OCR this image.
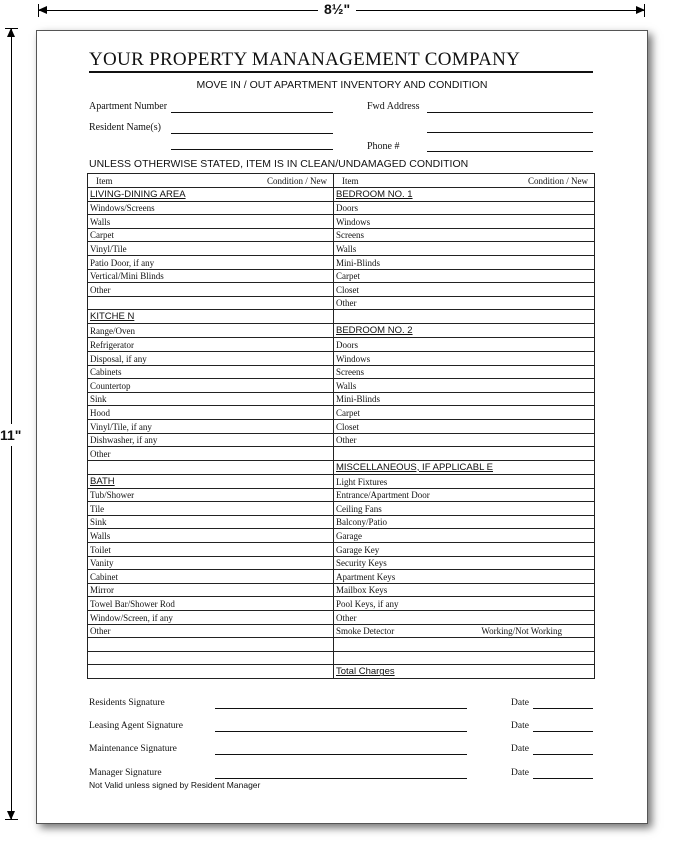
8½"
11"
YOUR PROPERTY MANANAGEMENT COMPANY
MOVE IN / OUT APARTMENT INVENTORY AND CONDITION
Apartment Number
Resident Name(s)
Fwd Address
Phone #
UNLESS OTHERWISE STATED, ITEM IS IN CLEAN/UNDAMAGED CONDITION
Item Condition / New	Item Condition / New

LIVING-DINING AREA	BEDROOM NO. 1
Windows/Screens	Doors
Walls	Windows
Carpet	Screens
Vinyl/Tile	Walls
Patio Door, if any	Mini-Blinds
Vertical/Mini Blinds	Carpet
Other	Closet
	Other
KITCHE N	
Range/Oven	BEDROOM NO. 2
Refrigerator	Doors
Disposal, if any	Windows
Cabinets	Screens
Countertop	Walls
Sink	Mini-Blinds
Hood	Carpet
Vinyl/Tile, if any	Closet
Dishwasher, if any	Other
Other	
	MISCELLANEOUS, IF APPLICABL E
BATH	Light Fixtures
Tub/Shower	Entrance/Apartment Door
Tile	Ceiling Fans
Sink	Balcony/Patio
Walls	Garage
Toilet	Garage Key
Vanity	Security Keys
Cabinet	Apartment Keys
Mirror	Mailbox Keys
Towel Bar/Shower Rod	Pool Keys, if any
Window/Screen, if any	Other
Other	Smoke Detector Working/Not Working

	Total Charges
Residents Signature	Date
Leasing Agent Signature	Date
Maintenance Signature	Date
Manager Signature	Date
Not Valid unless signed by Resident Manager
